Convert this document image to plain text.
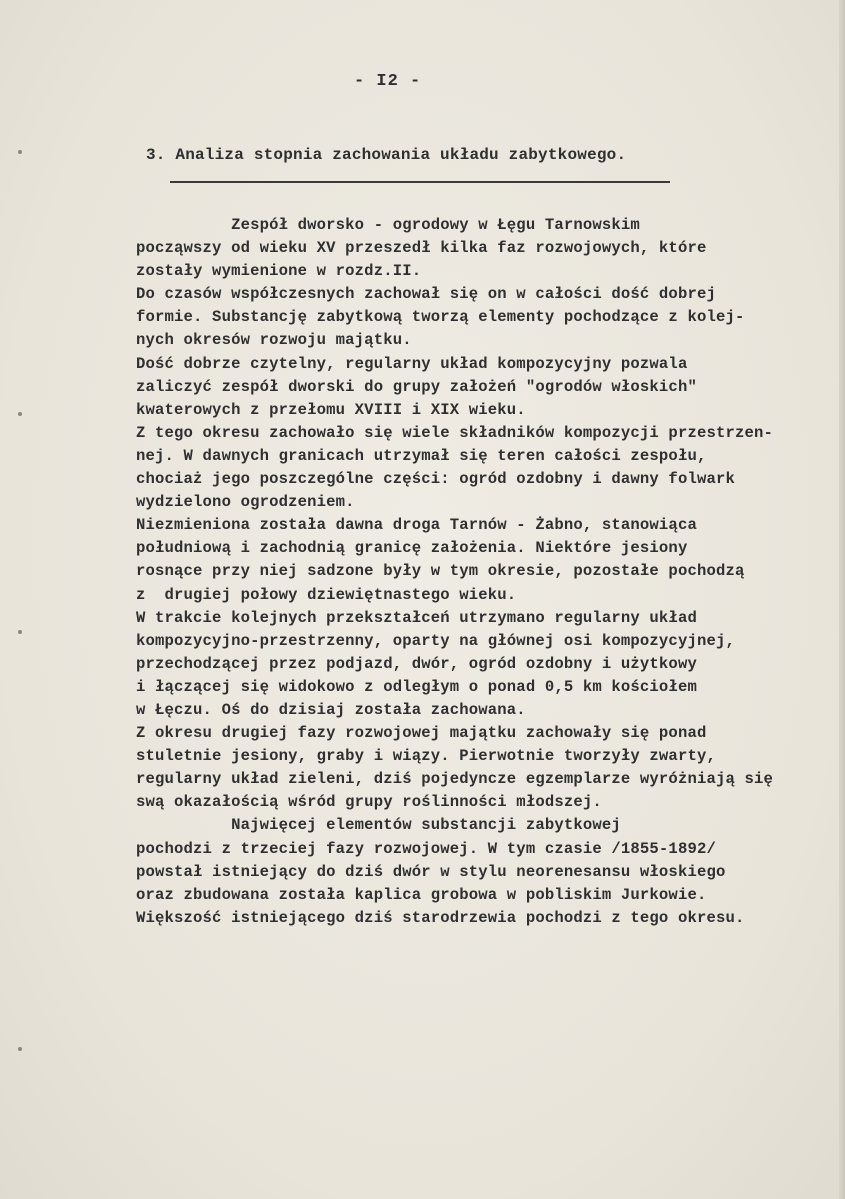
- I2 -
3. Analiza stopnia zachowania układu zabytkowego.
Zespół dworsko - ogrodowy w Łęgu Tarnowskim
począwszy od wieku XV przeszedł kilka faz rozwojowych, które
zostały wymienione w rozdz.II.
Do czasów współczesnych zachował się on w całości dość dobrej
formie. Substancję zabytkową tworzą elementy pochodzące z kolej-
nych okresów rozwoju majątku.
Dość dobrze czytelny, regularny układ kompozycyjny pozwala
zaliczyć zespół dworski do grupy założeń "ogrodów włoskich"
kwaterowych z przełomu XVIII i XIX wieku.
Z tego okresu zachowało się wiele składników kompozycji przestrzen-
nej. W dawnych granicach utrzymał się teren całości zespołu,
chociaż jego poszczególne części: ogród ozdobny i dawny folwark
wydzielono ogrodzeniem.
Niezmieniona została dawna droga Tarnów - Żabno, stanowiąca
południową i zachodnią granicę założenia. Niektóre jesiony
rosnące przy niej sadzone były w tym okresie, pozostałe pochodzą
z  drugiej połowy dziewiętnastego wieku.
W trakcie kolejnych przekształceń utrzymano regularny układ
kompozycyjno-przestrzenny, oparty na głównej osi kompozycyjnej,
przechodzącej przez podjazd, dwór, ogród ozdobny i użytkowy
i łączącej się widokowo z odległym o ponad 0,5 km kościołem
w Łęczu. Oś do dzisiaj została zachowana.
Z okresu drugiej fazy rozwojowej majątku zachowały się ponad
stuletnie jesiony, graby i wiązy. Pierwotnie tworzyły zwarty,
regularny układ zieleni, dziś pojedyncze egzemplarze wyróżniają się
swą okazałością wśród grupy roślinności młodszej.
Najwięcej elementów substancji zabytkowej
pochodzi z trzeciej fazy rozwojowej. W tym czasie /1855-1892/
powstał istniejący do dziś dwór w stylu neorenesansu włoskiego
oraz zbudowana została kaplica grobowa w pobliskim Jurkowie.
Większość istniejącego dziś starodrzewia pochodzi z tego okresu.
